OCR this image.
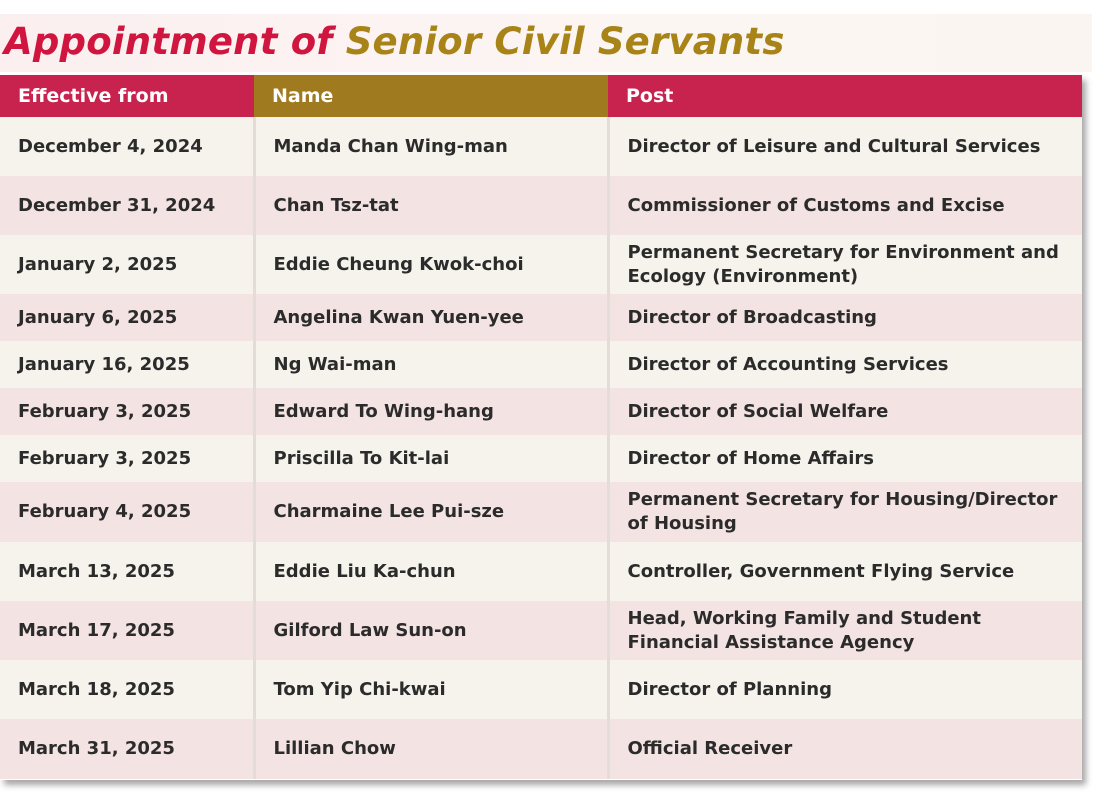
Appointment of Senior Civil Servants
Effective from	Name	Post
December 4, 2024	Manda Chan Wing-man	Director of Leisure and Cultural Services
December 31, 2024	Chan Tsz-tat	Commissioner of Customs and Excise
January 2, 2025	Eddie Cheung Kwok-choi	Permanent Secretary for Environment and Ecology (Environment)
January 6, 2025	Angelina Kwan Yuen-yee	Director of Broadcasting
January 16, 2025	Ng Wai-man	Director of Accounting Services
February 3, 2025	Edward To Wing-hang	Director of Social Welfare
February 3, 2025	Priscilla To Kit-lai	Director of Home Affairs
February 4, 2025	Charmaine Lee Pui-sze	Permanent Secretary for Housing/Director of Housing
March 13, 2025	Eddie Liu Ka-chun	Controller, Government Flying Service
March 17, 2025	Gilford Law Sun-on	Head, Working Family and Student Financial Assistance Agency
March 18, 2025	Tom Yip Chi-kwai	Director of Planning
March 31, 2025	Lillian Chow	Official Receiver
